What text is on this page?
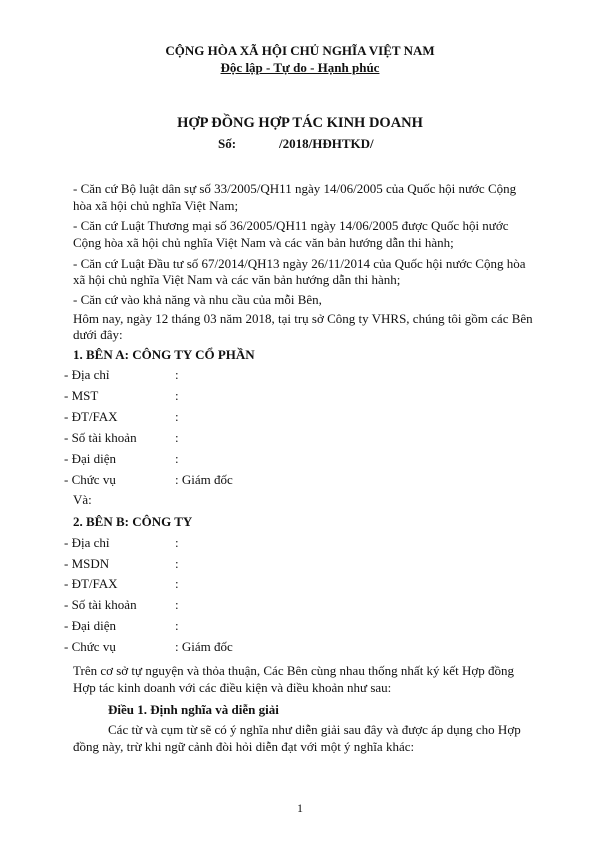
CỘNG HÒA XÃ HỘI CHỦ NGHĨA VIỆT NAM
Độc lập - Tự do - Hạnh phúc
HỢP ĐỒNG HỢP TÁC KINH DOANH
Số:	/2018/HĐHTKD/
- Căn cứ Bộ luật dân sự số 33/2005/QH11 ngày 14/06/2005 của Quốc hội nước Cộng
hòa xã hội chủ nghĩa Việt Nam;
- Căn cứ Luật Thương mại số 36/2005/QH11 ngày 14/06/2005 được Quốc hội nước
Cộng hòa xã hội chủ nghĩa Việt Nam và các văn bản hướng dẫn thi hành;
- Căn cứ Luật Đầu tư số 67/2014/QH13 ngày 26/11/2014 của Quốc hội nước Cộng hòa
xã hội chủ nghĩa Việt Nam và các văn bản hướng dẫn thi hành;
- Căn cứ vào khả năng và nhu cầu của mỗi Bên,
Hôm nay, ngày 12 tháng 03 năm 2018, tại trụ sở Công ty VHRS, chúng tôi gồm các Bên
dưới đây:
1. BÊN A: CÔNG TY CỔ PHẦN
- Địa chỉ	:
- MST	:
- ĐT/FAX	:
- Số tài khoản	:
- Đại diện	:
- Chức vụ	: Giám đốc
Và:
2. BÊN B: CÔNG TY
- Địa chỉ	:
- MSDN	:
- ĐT/FAX	:
- Số tài khoản	:
- Đại diện	:
- Chức vụ	: Giám đốc
Trên cơ sở tự nguyện và thỏa thuận, Các Bên cùng nhau thống nhất ký kết Hợp đồng
Hợp tác kinh doanh với các điều kiện và điều khoản như sau:
Điều 1. Định nghĩa và diễn giải
Các từ và cụm từ sẽ có ý nghĩa như diễn giải sau đây và được áp dụng cho Hợp
đồng này, trừ khi ngữ cảnh đòi hỏi diễn đạt với một ý nghĩa khác:
1
